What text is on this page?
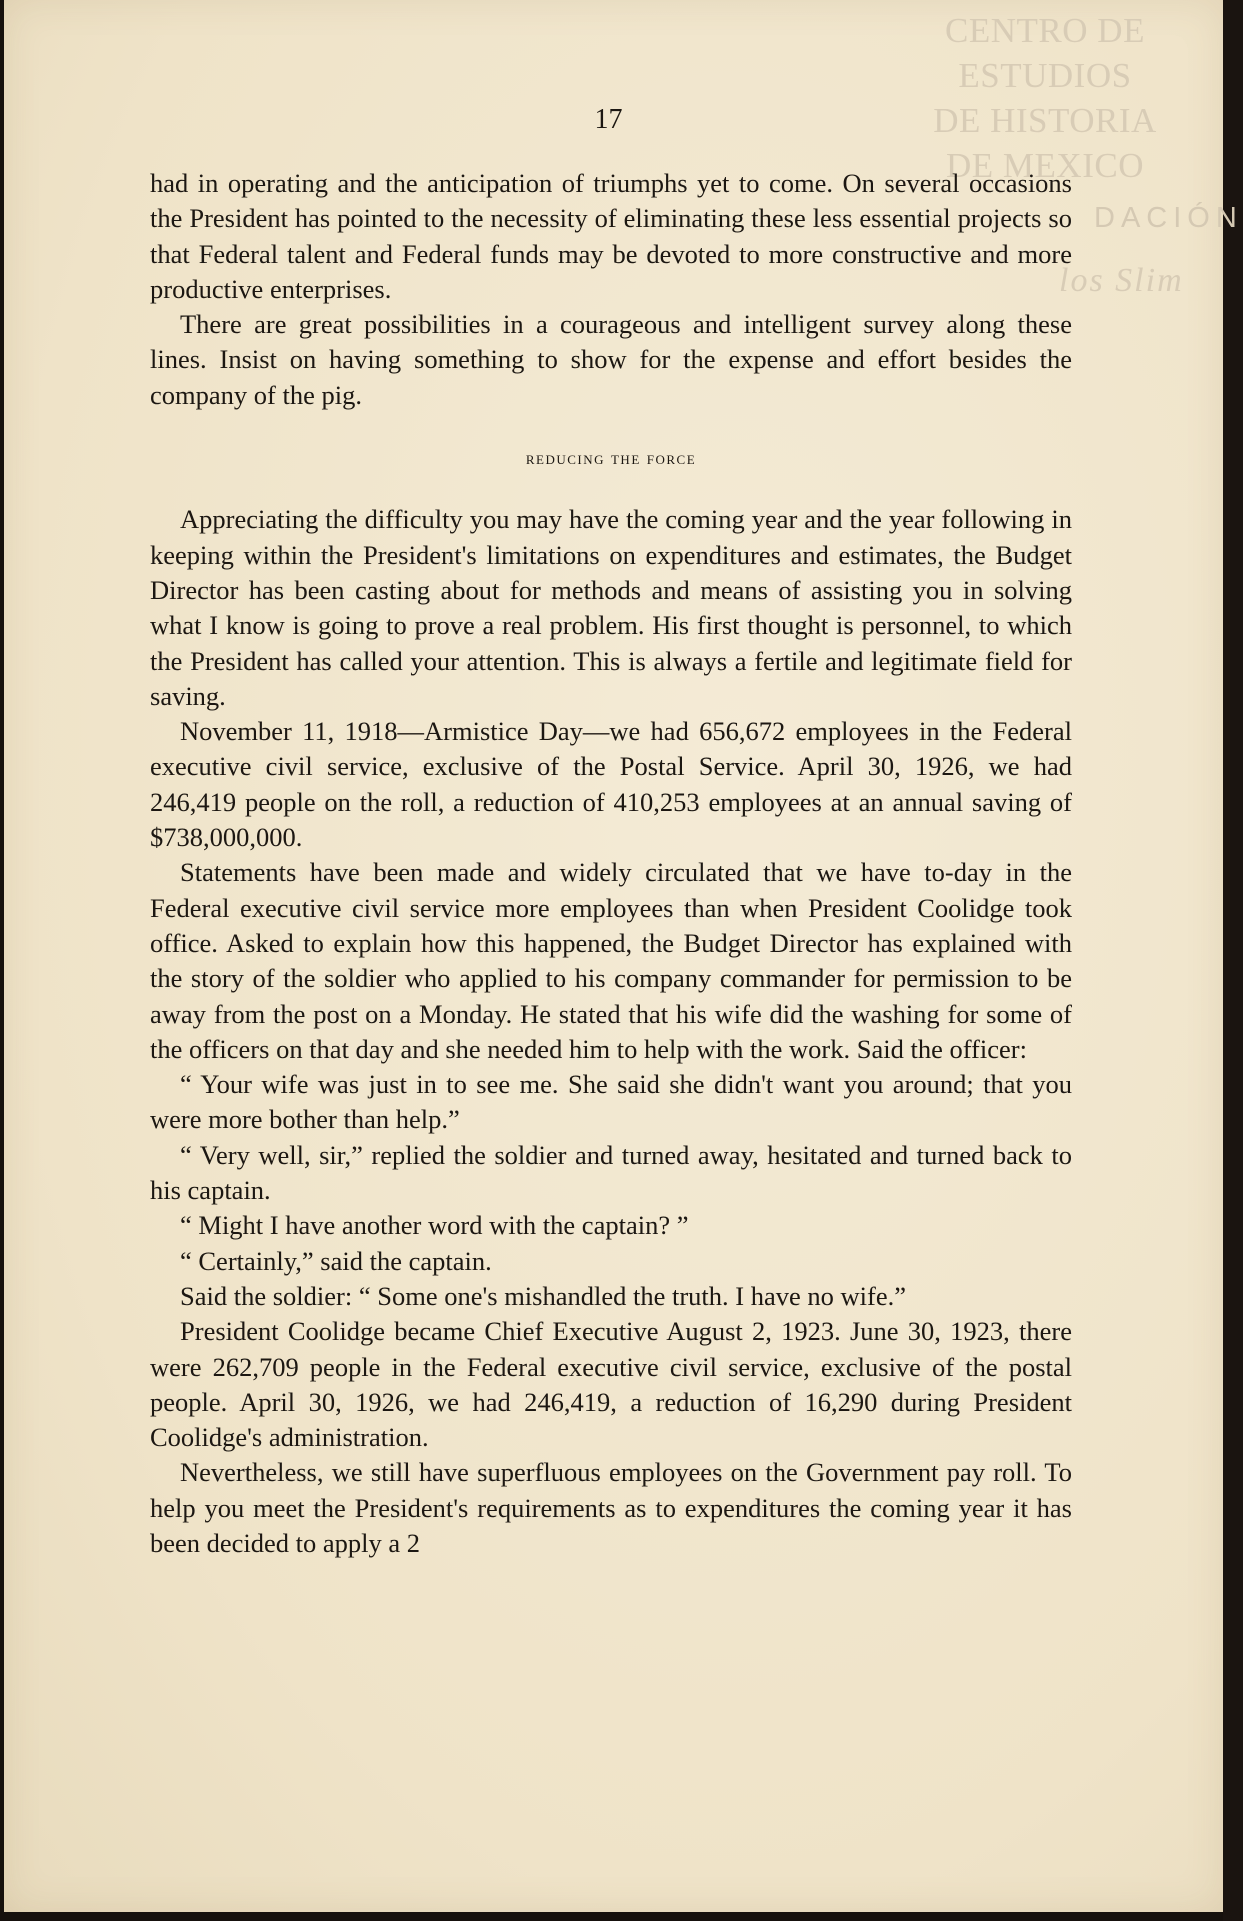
CENTRO DE
ESTUDIOS
DE HISTORIA
DE MEXICO
DACIÓN
los Slim
17

had in operating and the anticipation of triumphs yet to come. On several occasions the President has pointed to the necessity of eliminating these less essential projects so that Federal talent and Federal funds may be devoted to more constructive and more productive enterprises.

There are great possibilities in a courageous and intelligent survey along these lines. Insist on having something to show for the expense and effort besides the company of the pig.

reducing the force

Appreciating the difficulty you may have the coming year and the year following in keeping within the President's limitations on expenditures and estimates, the Budget Director has been casting about for methods and means of assisting you in solving what I know is going to prove a real problem. His first thought is personnel, to which the President has called your attention. This is always a fertile and legitimate field for saving.

November 11, 1918—Armistice Day—we had 656,672 employees in the Federal executive civil service, exclusive of the Postal Service. April 30, 1926, we had 246,419 people on the roll, a reduction of 410,253 employees at an annual saving of $738,000,000.

Statements have been made and widely circulated that we have to-day in the Federal executive civil service more employees than when President Coolidge took office. Asked to explain how this happened, the Budget Director has explained with the story of the soldier who applied to his company commander for permission to be away from the post on a Monday. He stated that his wife did the washing for some of the officers on that day and she needed him to help with the work. Said the officer:

“ Your wife was just in to see me. She said she didn't want you around; that you were more bother than help.”

“ Very well, sir,” replied the soldier and turned away, hesitated and turned back to his captain.

“ Might I have another word with the captain? ”

“ Certainly,” said the captain.

Said the soldier: “ Some one's mishandled the truth. I have no wife.”

President Coolidge became Chief Executive August 2, 1923. June 30, 1923, there were 262,709 people in the Federal executive civil service, exclusive of the postal people. April 30, 1926, we had 246,419, a reduction of 16,290 during President Coolidge's administration.

Nevertheless, we still have superfluous employees on the Government pay roll. To help you meet the President's requirements as to expenditures the coming year it has been decided to apply a 2
